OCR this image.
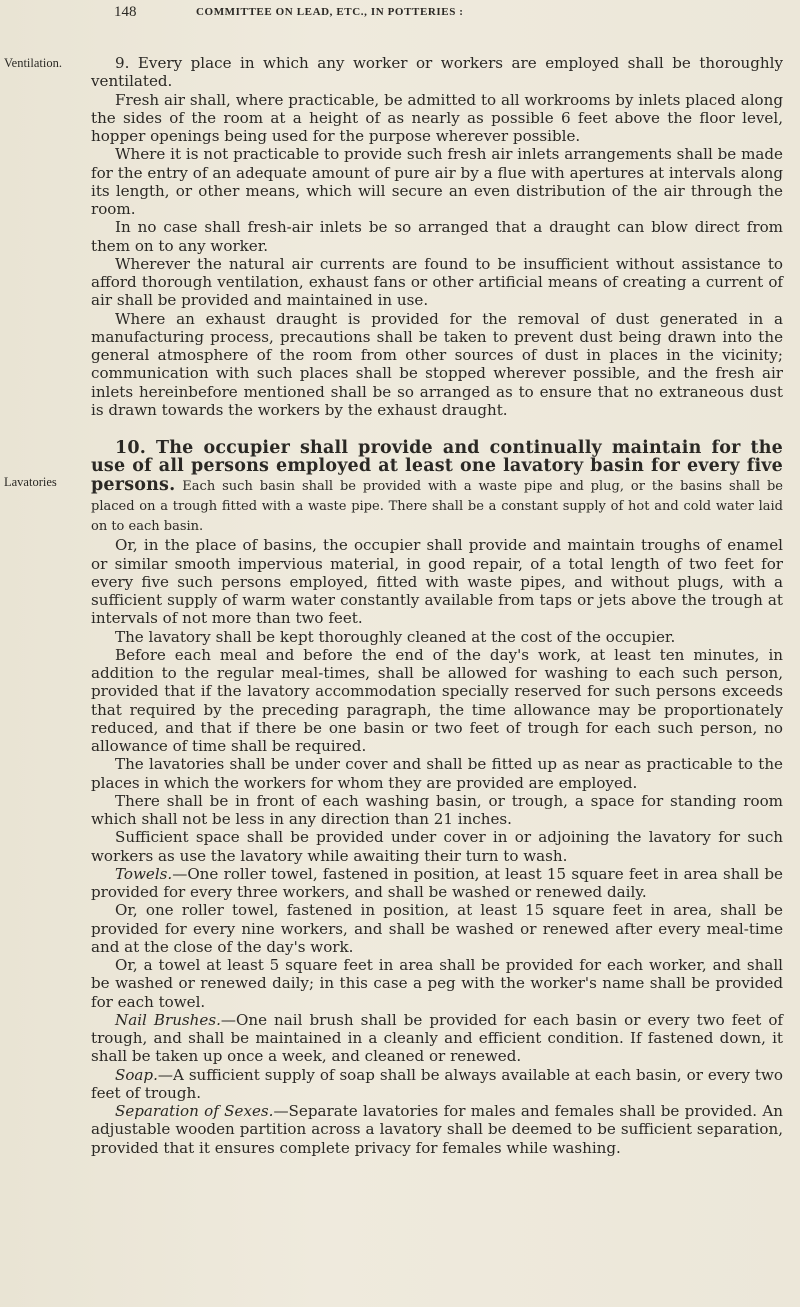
148	COMMITTEE ON LEAD, ETC., IN POTTERIES :
Ventilation.
Lavatories

9. Every place in which any worker or workers are employed shall be thoroughly ventilated.

Fresh air shall, where practicable, be admitted to all workrooms by inlets placed along the sides of the room at a height of as nearly as possible 6 feet above the floor level, hopper openings being used for the purpose wherever possible.

Where it is not practicable to provide such fresh air inlets arrangements shall be made for the entry of an adequate amount of pure air by a flue with apertures at intervals along its length, or other means, which will secure an even distribution of the air through the room.

In no case shall fresh-air inlets be so arranged that a draught can blow direct from them on to any worker.

Wherever the natural air currents are found to be insufficient without assistance to afford thorough ventilation, exhaust fans or other artificial means of creating a current of air shall be provided and maintained in use.

Where an exhaust draught is provided for the removal of dust generated in a manufacturing process, precautions shall be taken to prevent dust being drawn into the general atmosphere of the room from other sources of dust in places in the vicinity; communication with such places shall be stopped wherever possible, and the fresh air inlets hereinbefore mentioned shall be so arranged as to ensure that no extraneous dust is drawn towards the workers by the exhaust draught.

10. The occupier shall provide and continually maintain for the use of all persons employed at least one lavatory basin for every five persons. Each such basin shall be provided with a waste pipe and plug, or the basins shall be placed on a trough fitted with a waste pipe. There shall be a constant supply of hot and cold water laid on to each basin.

Or, in the place of basins, the occupier shall provide and maintain troughs of enamel or similar smooth impervious material, in good repair, of a total length of two feet for every five such persons employed, fitted with waste pipes, and without plugs, with a sufficient supply of warm water constantly available from taps or jets above the trough at intervals of not more than two feet.

The lavatory shall be kept thoroughly cleaned at the cost of the occupier.

Before each meal and before the end of the day's work, at least ten minutes, in addition to the regular meal-times, shall be allowed for washing to each such person, provided that if the lavatory accommodation specially reserved for such persons exceeds that required by the preceding paragraph, the time allowance may be proportionately reduced, and that if there be one basin or two feet of trough for each such person, no allowance of time shall be required.

The lavatories shall be under cover and shall be fitted up as near as practicable to the places in which the workers for whom they are provided are employed.

There shall be in front of each washing basin, or trough, a space for standing room which shall not be less in any direction than 21 inches.

Sufficient space shall be provided under cover in or adjoining the lavatory for such workers as use the lavatory while awaiting their turn to wash.

Towels.—One roller towel, fastened in position, at least 15 square feet in area shall be provided for every three workers, and shall be washed or renewed daily.

Or, one roller towel, fastened in position, at least 15 square feet in area, shall be provided for every nine workers, and shall be washed or renewed after every meal-time and at the close of the day's work.

Or, a towel at least 5 square feet in area shall be provided for each worker, and shall be washed or renewed daily; in this case a peg with the worker's name shall be provided for each towel.

Nail Brushes.—One nail brush shall be provided for each basin or every two feet of trough, and shall be maintained in a cleanly and efficient condition. If fastened down, it shall be taken up once a week, and cleaned or renewed.

Soap.—A sufficient supply of soap shall be always available at each basin, or every two feet of trough.

Separation of Sexes.—Separate lavatories for males and females shall be provided. An adjustable wooden partition across a lavatory shall be deemed to be sufficient separation, provided that it ensures complete privacy for females while washing.
